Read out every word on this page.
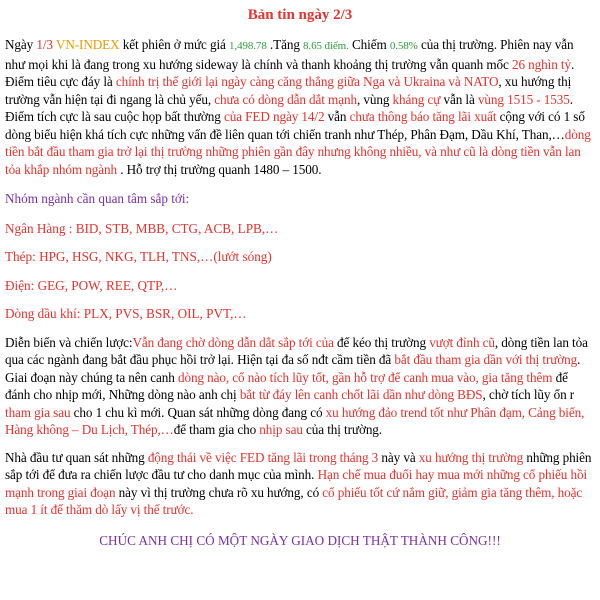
Bản tin ngày 2/3

Ngày 1/3 VN-INDEX kết phiên ở mức giá 1,498.78 .Tăng 8.65 điểm. Chiếm 0.58% của thị trường. Phiên nay vẫn như mọi khi là đang trong xu hướng sideway là chính và thanh khoảng thị trường vẫn quanh mốc 26 nghìn tỷ. Điểm tiêu cực đáy là chính trị thế giới lại ngày càng căng thẳng giữa Nga và Ukraina và NATO, xu hướng thị trường vẫn hiện tại đi ngang là chủ yếu, chưa có dòng dẫn dắt mạnh, vùng kháng cự vẫn là vùng 1515 - 1535. Điểm tích cực là sau cuộc họp bất thường của FED ngày 14/2 vẫn chưa thông báo tăng lãi xuất cộng với có 1 số dòng biểu hiện khá tích cực những vấn đề liên quan tới chiến tranh như Thép, Phân Đạm, Dầu Khí, Than,…dòng tiền bắt đầu tham gia trở lại thị trường những phiên gần đây nhưng không nhiều, và như cũ là dòng tiền vẫn lan tỏa khắp nhóm ngành . Hỗ trợ thị trường quanh 1480 – 1500.

Nhóm ngành cần quan tâm sắp tới:

Ngân Hàng : BID, STB, MBB, CTG, ACB, LPB,…

Thép: HPG, HSG, NKG, TLH, TNS,…(lướt sóng)

Điện: GEG, POW, REE, QTP,…

Dòng dầu khí: PLX, PVS, BSR, OIL, PVT,…

Diễn biến và chiến lược:Vẫn đang chờ dòng dẫn dắt sắp tới của để kéo thị trường vượt đỉnh cũ, dòng tiền lan tỏa qua các ngành đang bắt đầu phục hồi trở lại. Hiện tại đa số nđt cầm tiền đã bắt đầu tham gia dần với thị trường. Giai đoạn này chúng ta nên canh dòng nào, cổ nào tích lũy tốt, gần hỗ trợ để canh mua vào, gia tăng thêm để đánh cho nhịp mới, Những dòng nào anh chị bắt từ đáy lên canh chốt lãi dần như dòng BĐS, chờ tích lũy ổn r tham gia sau cho 1 chu kì mới. Quan sát những dòng đang có xu hướng đảo trend tốt như Phân đạm, Cảng biển, Hàng không – Du Lịch, Thép,…để tham gia cho nhịp sau của thị trường.

Nhà đầu tư quan sát những động thái về việc FED tăng lãi trong tháng 3 này và xu hướng thị trường những phiên sắp tới để đưa ra chiến lược đầu tư cho danh mục của mình. Hạn chế mua đuổi hay mua mới những cổ phiếu hồi mạnh trong giai đoạn này vì thị trường chưa rõ xu hướng, có cổ phiếu tốt cứ nắm giữ, giảm gia tăng thêm, hoặc mua 1 ít để thăm dò lấy vị thế trước.

CHÚC ANH CHỊ CÓ MỘT NGÀY GIAO DỊCH THẬT THÀNH CÔNG!!!
